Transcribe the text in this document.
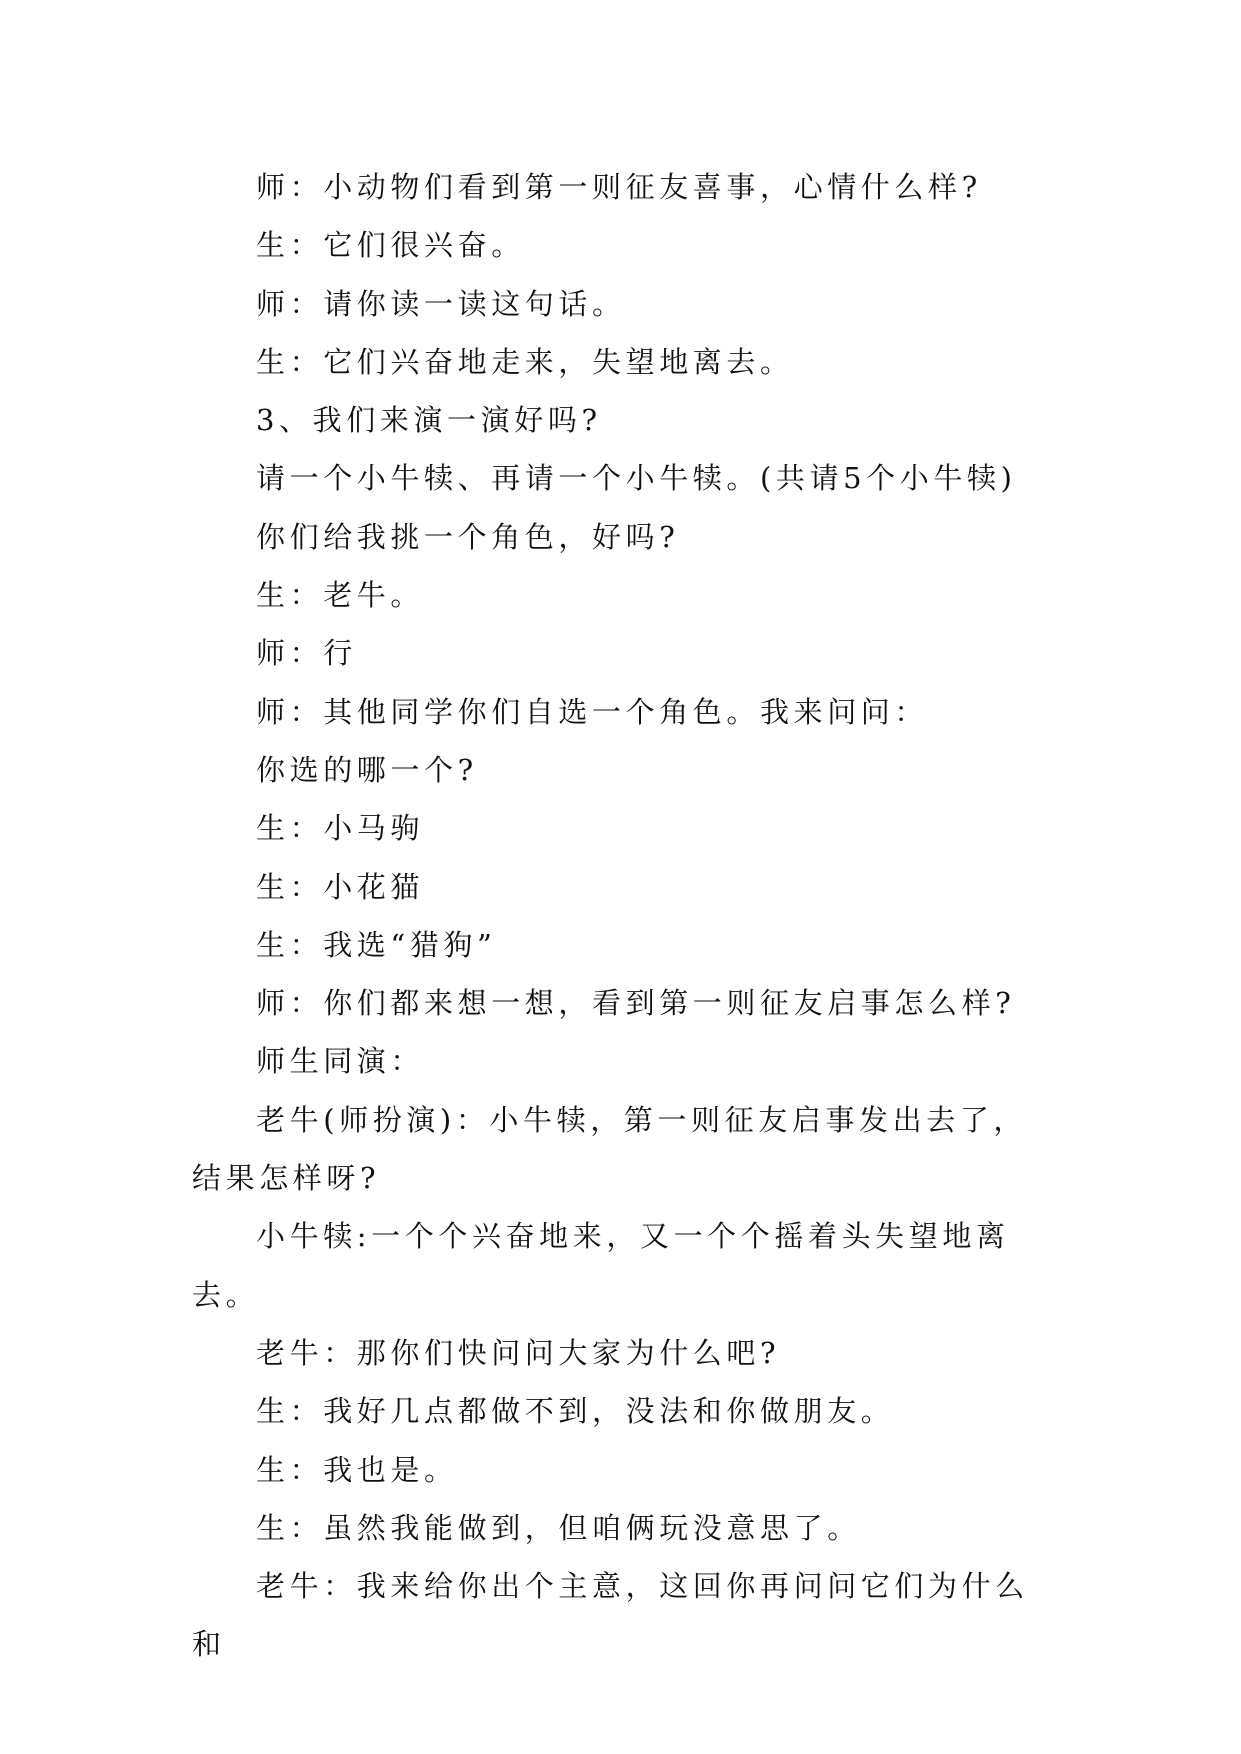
师：小动物们看到第一则征友喜事，心情什么样?

生：它们很兴奋。

师：请你读一读这句话。

生：它们兴奋地走来，失望地离去。

3、我们来演一演好吗?

请一个小牛犊、再请一个小牛犊。(共请5个小牛犊)

你们给我挑一个角色，好吗?

生：老牛。

师：行

师：其他同学你们自选一个角色。我来问问：

你选的哪一个?

生：小马驹

生：小花猫

生：我选“猎狗”

师：你们都来想一想，看到第一则征友启事怎么样?

师生同演：

老牛(师扮演)：小牛犊，第一则征友启事发出去了，结果怎样呀?

小牛犊:一个个兴奋地来，又一个个摇着头失望地离去。

老牛：那你们快问问大家为什么吧?

生：我好几点都做不到，没法和你做朋友。

生：我也是。

生：虽然我能做到，但咱俩玩没意思了。

老牛：我来给你出个主意，这回你再问问它们为什么和
